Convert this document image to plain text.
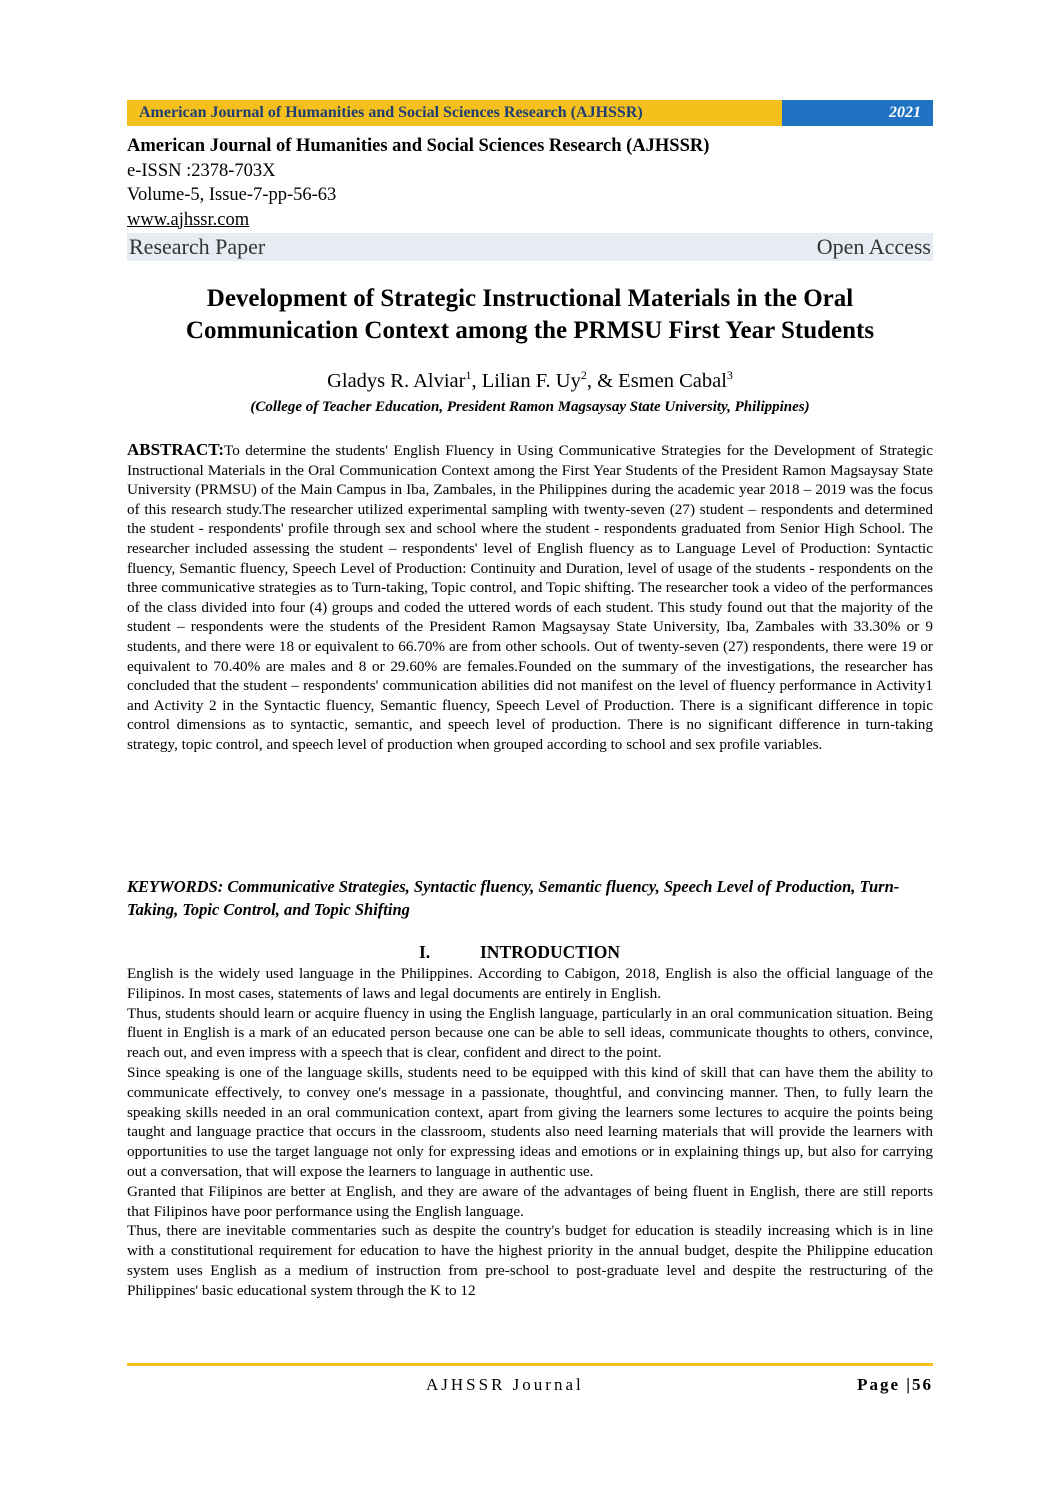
American Journal of Humanities and Social Sciences Research (AJHSSR)	2021
American Journal of Humanities and Social Sciences Research (AJHSSR)
e-ISSN :2378-703X
Volume-5, Issue-7-pp-56-63
www.ajhssr.com
Research Paper	Open Access
Development of Strategic Instructional Materials in the Oral
Communication Context among the PRMSU First Year Students
Gladys R. Alviar$^1$, Lilian F. Uy$^2$, & Esmen Cabal$^3$
(College of Teacher Education, President Ramon Magsaysay State University, Philippines)
ABSTRACT:To determine the students' English Fluency in Using Communicative Strategies for the Development of Strategic Instructional Materials in the Oral Communication Context among the First Year Students of the President Ramon Magsaysay State University (PRMSU) of the Main Campus in Iba, Zambales, in the Philippines during the academic year 2018 – 2019 was the focus of this research study.The researcher utilized experimental sampling with twenty-seven (27) student – respondents and determined the student - respondents' profile through sex and school where the student - respondents graduated from Senior High School. The researcher included assessing the student – respondents' level of English fluency as to Language Level of Production: Syntactic fluency, Semantic fluency, Speech Level of Production: Continuity and Duration, level of usage of the students - respondents on the three communicative strategies as to Turn-taking, Topic control, and Topic shifting. The researcher took a video of the performances of the class divided into four (4) groups and coded the uttered words of each student. This study found out that the majority of the student – respondents were the students of the President Ramon Magsaysay State University, Iba, Zambales with 33.30% or 9 students, and there were 18 or equivalent to 66.70% are from other schools. Out of twenty-seven (27) respondents, there were 19 or equivalent to 70.40% are males and 8 or 29.60% are females.Founded on the summary of the investigations, the researcher has concluded that the student – respondents' communication abilities did not manifest on the level of fluency performance in Activity1 and Activity 2 in the Syntactic fluency, Semantic fluency, Speech Level of Production. There is a significant difference in topic control dimensions as to syntactic, semantic, and speech level of production. There is no significant difference in turn-taking strategy, topic control, and speech level of production when grouped according to school and sex profile variables.
KEYWORDS: Communicative Strategies, Syntactic fluency, Semantic fluency, Speech Level of Production, Turn-Taking, Topic Control, and Topic Shifting
I.	INTRODUCTION

English is the widely used language in the Philippines. According to Cabigon, 2018, English is also the official language of the Filipinos. In most cases, statements of laws and legal documents are entirely in English.

Thus, students should learn or acquire fluency in using the English language, particularly in an oral communication situation. Being fluent in English is a mark of an educated person because one can be able to sell ideas, communicate thoughts to others, convince, reach out, and even impress with a speech that is clear, confident and direct to the point.

Since speaking is one of the language skills, students need to be equipped with this kind of skill that can have them the ability to communicate effectively, to convey one's message in a passionate, thoughtful, and convincing manner. Then, to fully learn the speaking skills needed in an oral communication context, apart from giving the learners some lectures to acquire the points being taught and language practice that occurs in the classroom, students also need learning materials that will provide the learners with opportunities to use the target language not only for expressing ideas and emotions or in explaining things up, but also for carrying out a conversation, that will expose the learners to language in authentic use.

Granted that Filipinos are better at English, and they are aware of the advantages of being fluent in English, there are still reports that Filipinos have poor performance using the English language.

Thus, there are inevitable commentaries such as despite the country's budget for education is steadily increasing which is in line with a constitutional requirement for education to have the highest priority in the annual budget, despite the Philippine education system uses English as a medium of instruction from pre-school to post-graduate level and despite the restructuring of the Philippines' basic educational system through the K to 12

AJHSSR Journal	Page |56
